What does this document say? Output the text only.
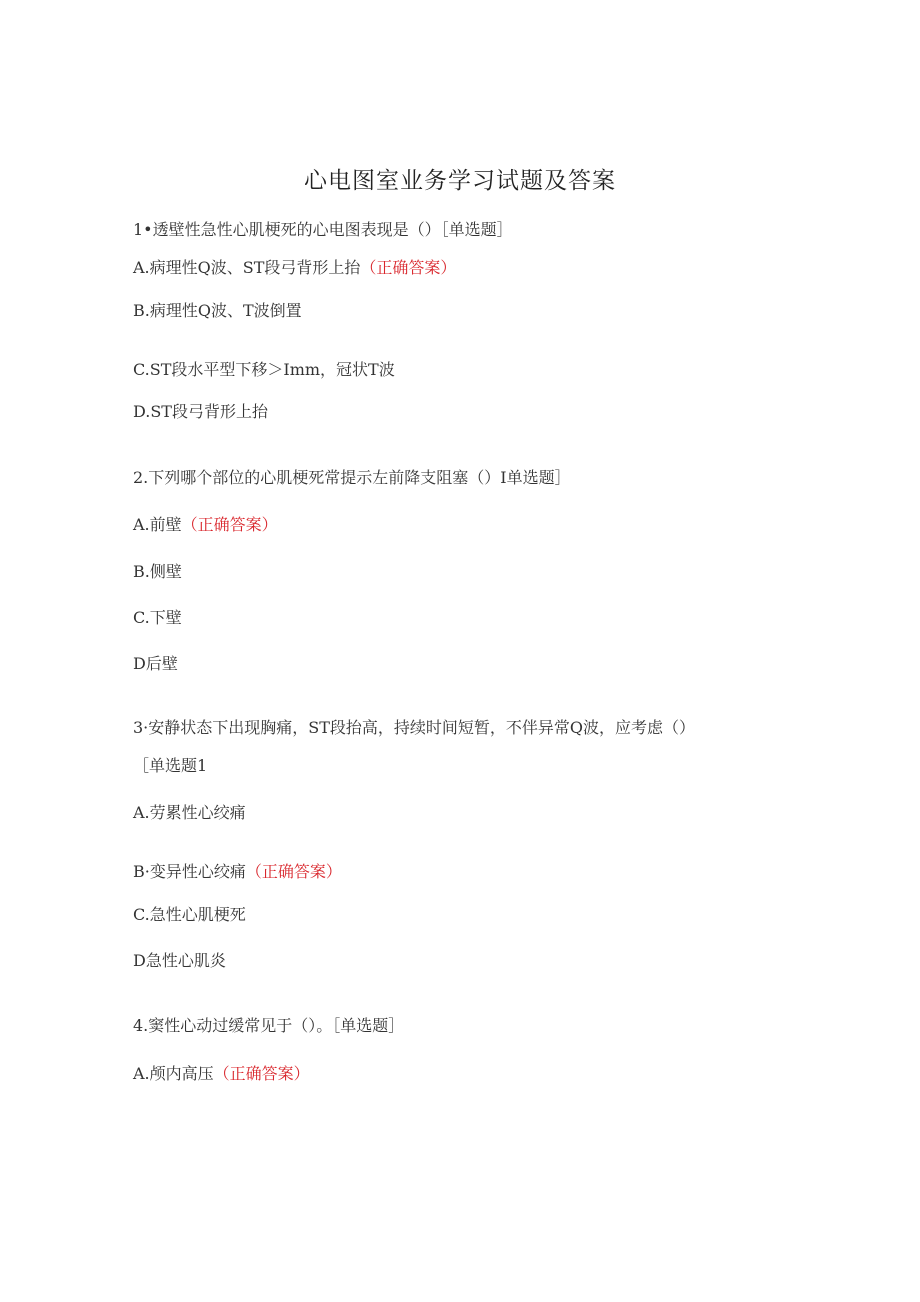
心电图室业务学习试题及答案
1•透壁性急性心肌梗死的心电图表现是（）［单选题］
A.病理性Q波、ST段弓背形上抬（正确答案）
B.病理性Q波、T波倒置
C.ST段水平型下移＞Imm，冠状T波
D.ST段弓背形上抬
2.下列哪个部位的心肌梗死常提示左前降支阻塞（）I单选题］
A.前壁（正确答案）
B.侧壁
C.下壁
D后壁
3·安静状态下出现胸痛，ST段抬高，持续时间短暂，不伴异常Q波，应考虑（）
［单选题1
A.劳累性心绞痛
B·变异性心绞痛（正确答案）
C.急性心肌梗死
D急性心肌炎
4.窦性心动过缓常见于（）。［单选题］
A.颅内高压（正确答案）
